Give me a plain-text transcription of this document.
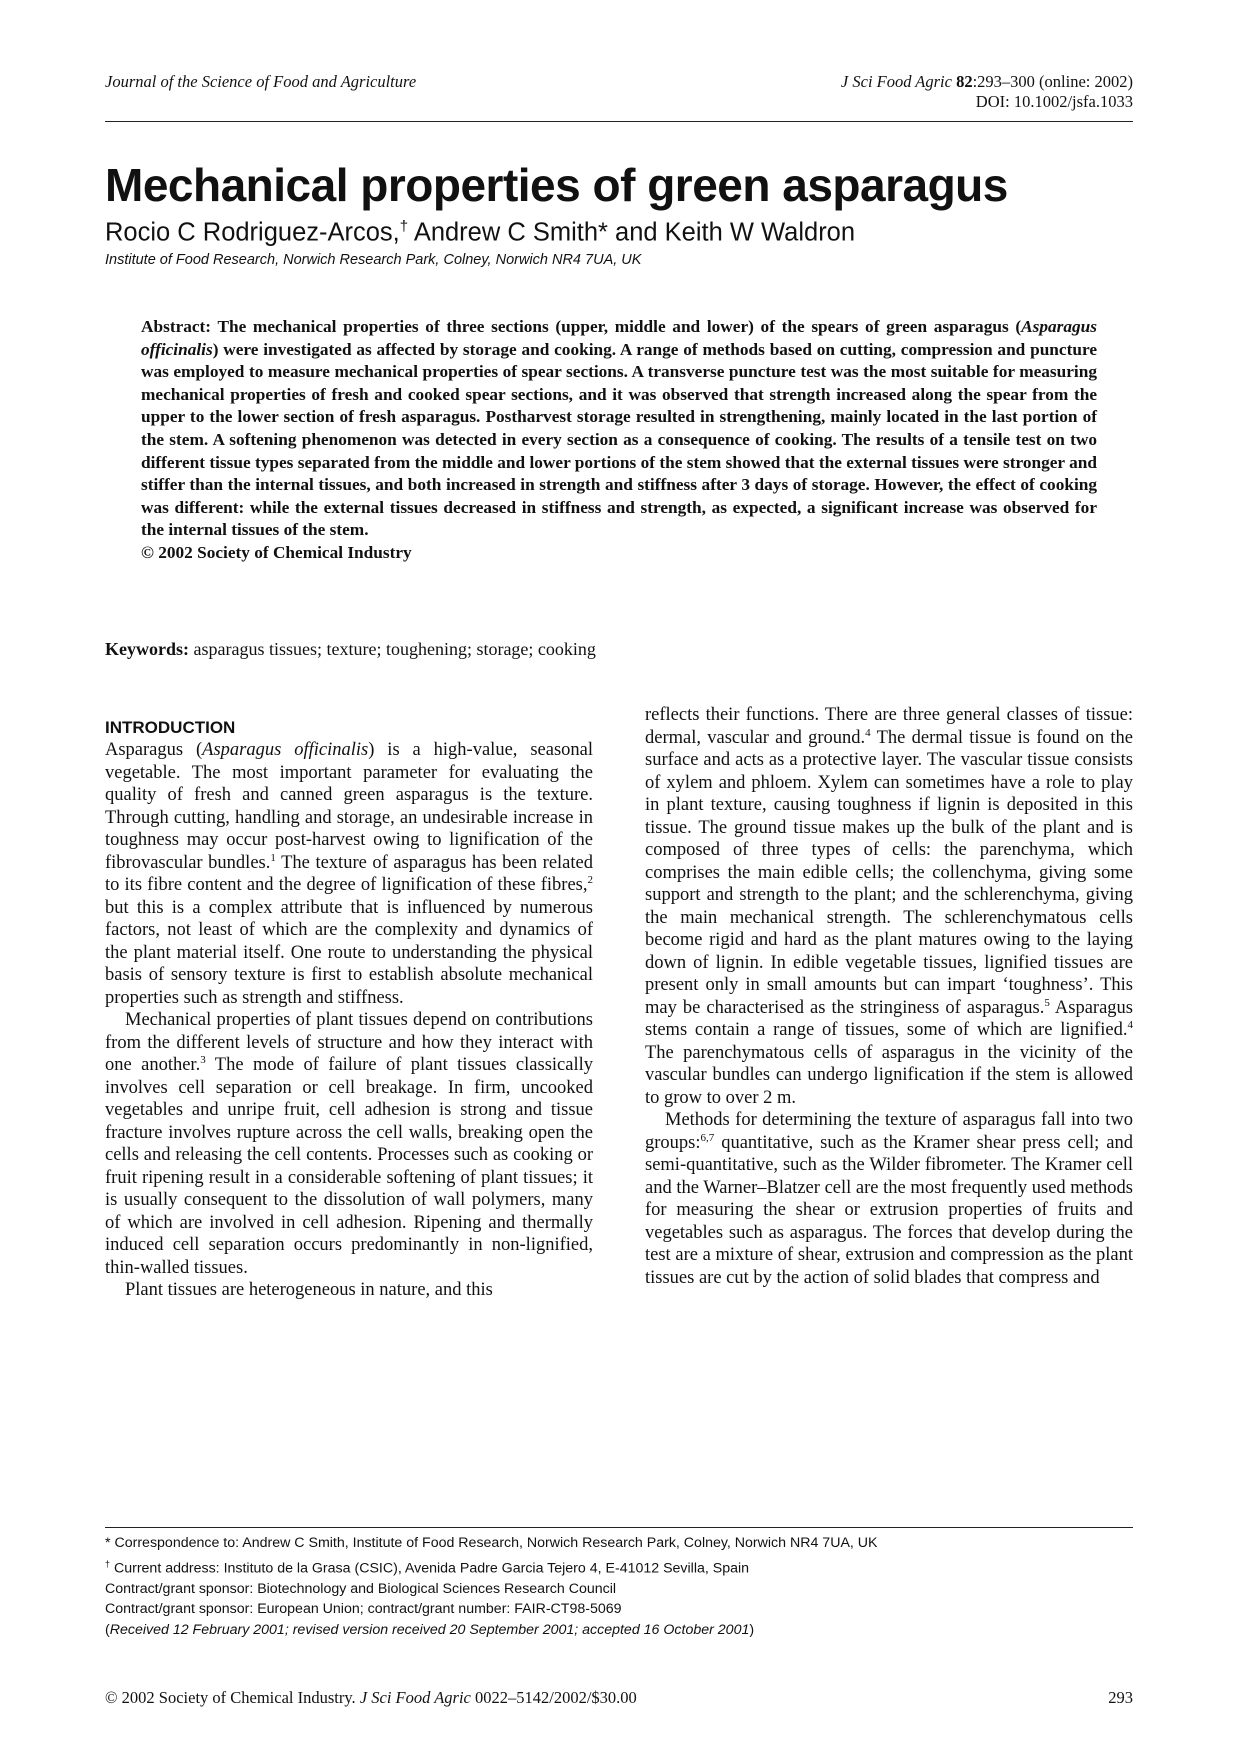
Journal of the Science of Food and Agriculture	J Sci Food Agric 82:293–300 (online: 2002)
DOI: 10.1002/jsfa.1033
Mechanical properties of green asparagus
Rocio C Rodriguez-Arcos,† Andrew C Smith* and Keith W Waldron
Institute of Food Research, Norwich Research Park, Colney, Norwich NR4 7UA, UK
Abstract: The mechanical properties of three sections (upper, middle and lower) of the spears of green asparagus (Asparagus officinalis) were investigated as affected by storage and cooking. A range of methods based on cutting, compression and puncture was employed to measure mechanical properties of spear sections. A transverse puncture test was the most suitable for measuring mechanical properties of fresh and cooked spear sections, and it was observed that strength increased along the spear from the upper to the lower section of fresh asparagus. Postharvest storage resulted in strengthening, mainly located in the last portion of the stem. A softening phenomenon was detected in every section as a consequence of cooking. The results of a tensile test on two different tissue types separated from the middle and lower portions of the stem showed that the external tissues were stronger and stiffer than the internal tissues, and both increased in strength and stiffness after 3 days of storage. However, the effect of cooking was different: while the external tissues decreased in stiffness and strength, as expected, a significant increase was observed for the internal tissues of the stem.
© 2002 Society of Chemical Industry
Keywords: asparagus tissues; texture; toughening; storage; cooking
INTRODUCTION

Asparagus (Asparagus officinalis) is a high-value, seasonal vegetable. The most important parameter for evaluating the quality of fresh and canned green asparagus is the texture. Through cutting, handling and storage, an undesirable increase in toughness may occur post-harvest owing to lignification of the fibrovascular bundles.$^1$ The texture of asparagus has been related to its fibre content and the degree of lignification of these fibres,$^2$ but this is a complex attribute that is influenced by numerous factors, not least of which are the complexity and dynamics of the plant material itself. One route to understanding the physical basis of sensory texture is first to establish absolute mechanical properties such as strength and stiffness.

Mechanical properties of plant tissues depend on contributions from the different levels of structure and how they interact with one another.$^3$ The mode of failure of plant tissues classically involves cell separation or cell breakage. In firm, uncooked vegetables and unripe fruit, cell adhesion is strong and tissue fracture involves rupture across the cell walls, breaking open the cells and releasing the cell contents. Processes such as cooking or fruit ripening result in a considerable softening of plant tissues; it is usually consequent to the dissolution of wall polymers, many of which are involved in cell adhesion. Ripening and thermally induced cell separation occurs predominantly in non-lignified, thin-walled tissues.

Plant tissues are heterogeneous in nature, and this

reflects their functions. There are three general classes of tissue: dermal, vascular and ground.$^4$ The dermal tissue is found on the surface and acts as a protective layer. The vascular tissue consists of xylem and phloem. Xylem can sometimes have a role to play in plant texture, causing toughness if lignin is deposited in this tissue. The ground tissue makes up the bulk of the plant and is composed of three types of cells: the parenchyma, which comprises the main edible cells; the collenchyma, giving some support and strength to the plant; and the schlerenchyma, giving the main mechanical strength. The schlerenchymatous cells become rigid and hard as the plant matures owing to the laying down of lignin. In edible vegetable tissues, lignified tissues are present only in small amounts but can impart ‘toughness’. This may be characterised as the stringiness of asparagus.$^5$ Asparagus stems contain a range of tissues, some of which are lignified.$^4$ The parenchymatous cells of asparagus in the vicinity of the vascular bundles can undergo lignification if the stem is allowed to grow to over 2 m.

Methods for determining the texture of asparagus fall into two groups:$^{6,7}$ quantitative, such as the Kramer shear press cell; and semi-quantitative, such as the Wilder fibrometer. The Kramer cell and the Warner–Blatzer cell are the most frequently used methods for measuring the shear or extrusion properties of fruits and vegetables such as asparagus. The forces that develop during the test are a mixture of shear, extrusion and compression as the plant tissues are cut by the action of solid blades that compress and

* Correspondence to: Andrew C Smith, Institute of Food Research, Norwich Research Park, Colney, Norwich NR4 7UA, UK
† Current address: Instituto de la Grasa (CSIC), Avenida Padre Garcia Tejero 4, E-41012 Sevilla, Spain
Contract/grant sponsor: Biotechnology and Biological Sciences Research Council
Contract/grant sponsor: European Union; contract/grant number: FAIR-CT98-5069
(Received 12 February 2001; revised version received 20 September 2001; accepted 16 October 2001)
© 2002 Society of Chemical Industry. J Sci Food Agric 0022–5142/2002/$30.00	293
